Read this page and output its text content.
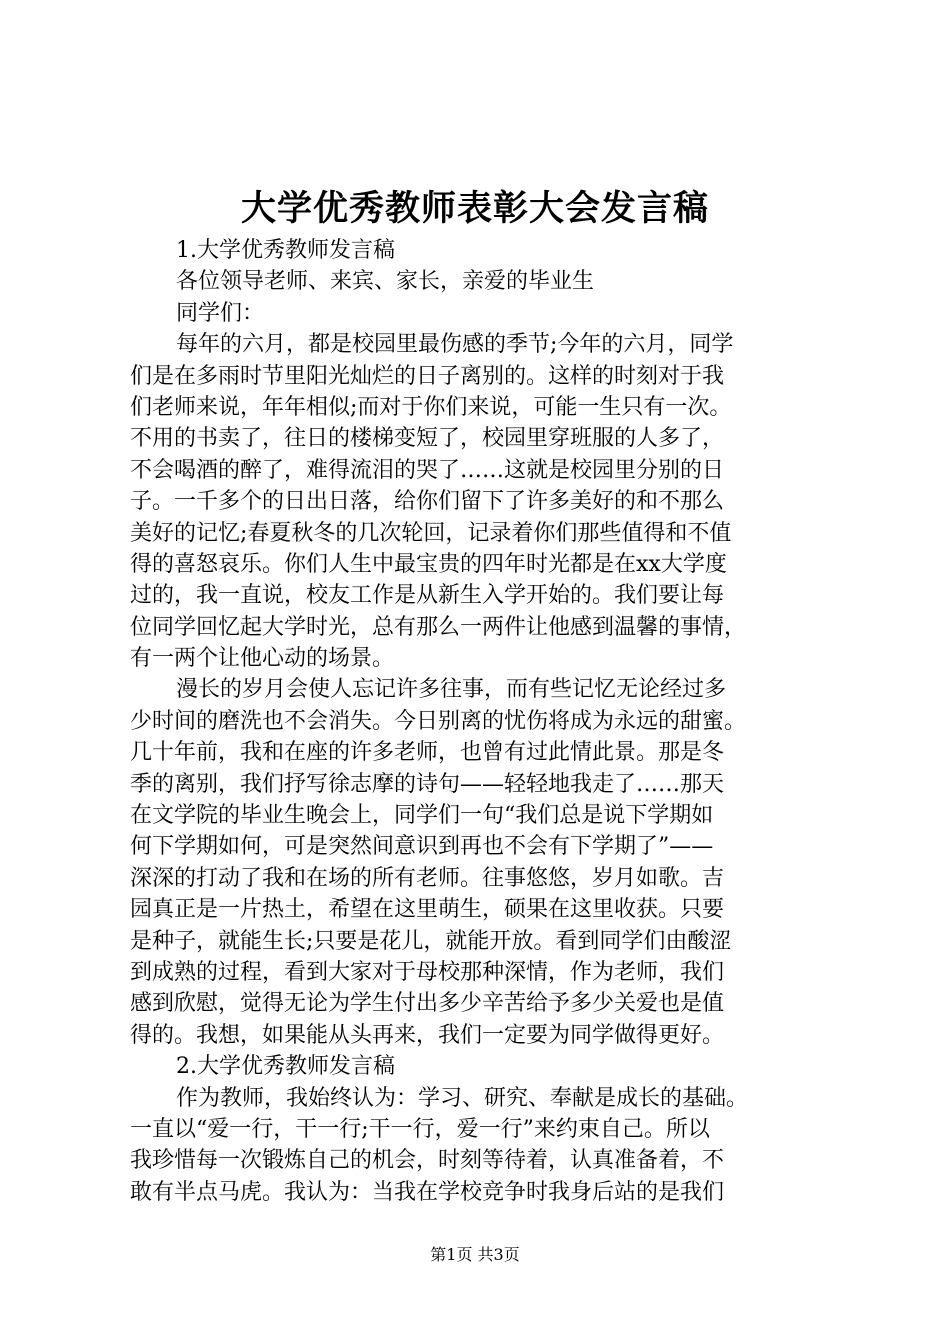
大学优秀教师表彰大会发言稿
1.大学优秀教师发言稿
各位领导老师、来宾、家长，亲爱的毕业生
同学们：
每年的六月，都是校园里最伤感的季节;今年的六月，同学
们是在多雨时节里阳光灿烂的日子离别的。这样的时刻对于我
们老师来说，年年相似;而对于你们来说，可能一生只有一次。
不用的书卖了，往日的楼梯变短了，校园里穿班服的人多了，
不会喝酒的醉了，难得流泪的哭了……这就是校园里分别的日
子。一千多个的日出日落，给你们留下了许多美好的和不那么
美好的记忆;春夏秋冬的几次轮回，记录着你们那些值得和不值
得的喜怒哀乐。你们人生中最宝贵的四年时光都是在xx大学度
过的，我一直说，校友工作是从新生入学开始的。我们要让每
位同学回忆起大学时光，总有那么一两件让他感到温馨的事情，
有一两个让他心动的场景。
漫长的岁月会使人忘记许多往事，而有些记忆无论经过多
少时间的磨洗也不会消失。今日别离的忧伤将成为永远的甜蜜。
几十年前，我和在座的许多老师，也曾有过此情此景。那是冬
季的离别，我们抒写徐志摩的诗句——轻轻地我走了……那天
在文学院的毕业生晚会上，同学们一句“我们总是说下学期如
何下学期如何，可是突然间意识到再也不会有下学期了”——
深深的打动了我和在场的所有老师。往事悠悠，岁月如歌。吉
园真正是一片热土，希望在这里萌生，硕果在这里收获。只要
是种子，就能生长;只要是花儿，就能开放。看到同学们由酸涩
到成熟的过程，看到大家对于母校那种深情，作为老师，我们
感到欣慰，觉得无论为学生付出多少辛苦给予多少关爱也是值
得的。我想，如果能从头再来，我们一定要为同学做得更好。
2.大学优秀教师发言稿
作为教师，我始终认为：学习、研究、奉献是成长的基础。
一直以“爱一行，干一行;干一行，爱一行”来约束自己。所以
我珍惜每一次锻炼自己的机会，时刻等待着，认真准备着，不
敢有半点马虎。我认为：当我在学校竞争时我身后站的是我们
第1页 共3页
